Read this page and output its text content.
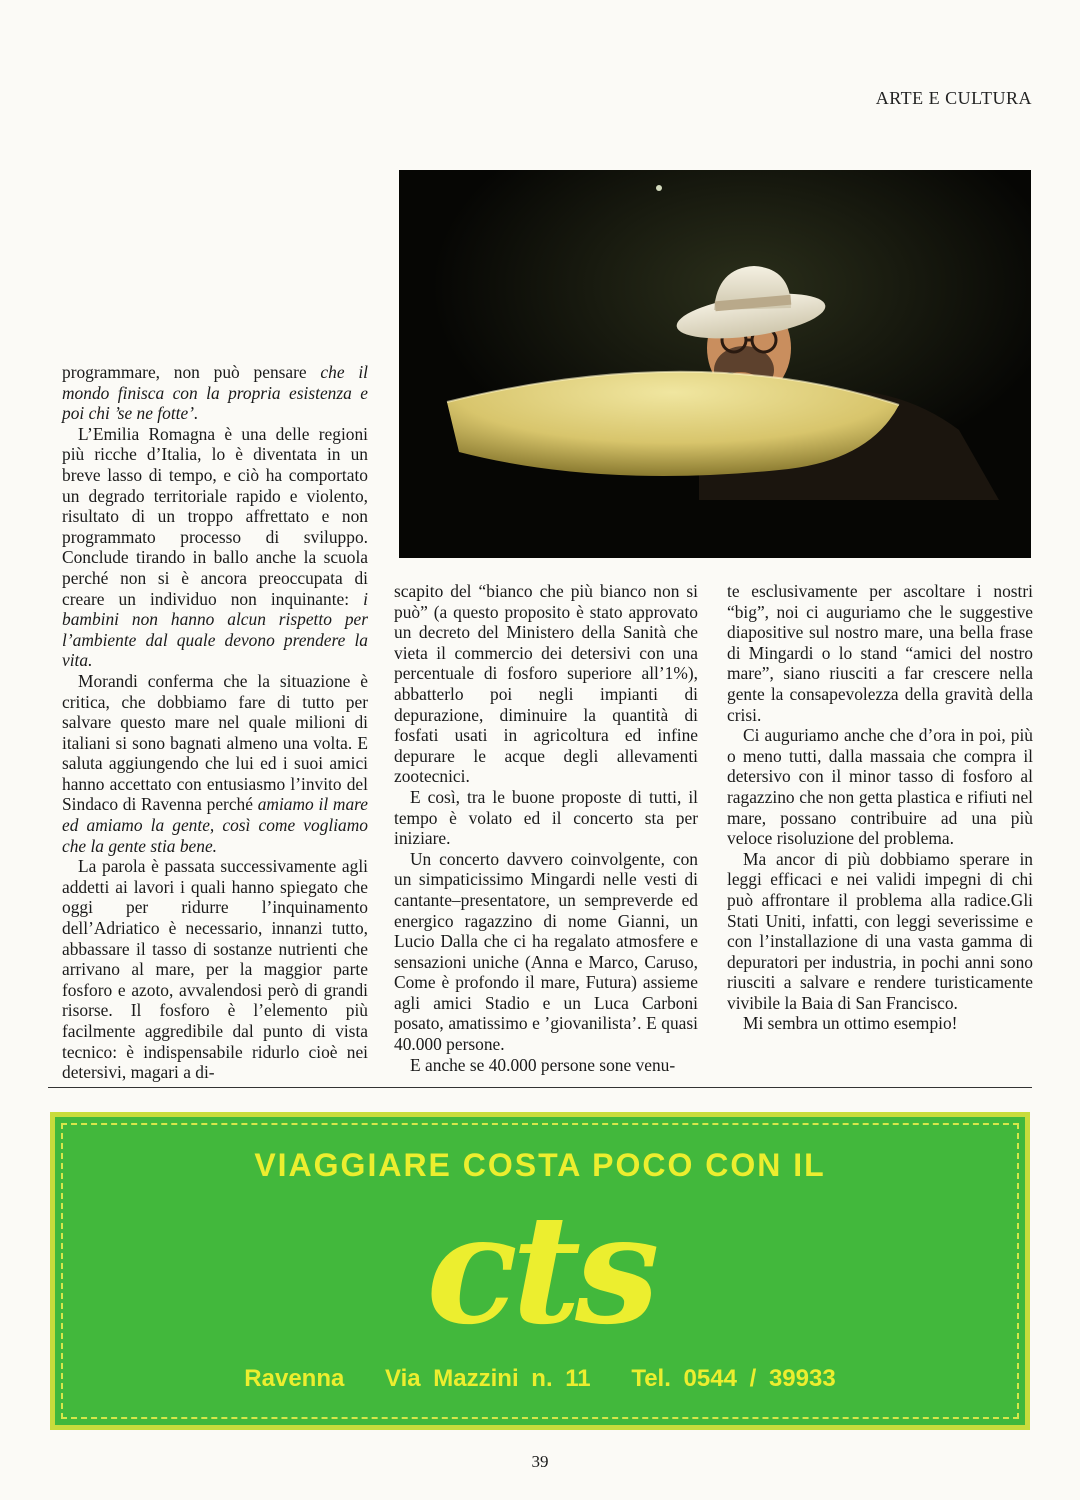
ARTE E CULTURA

programmare, non può pensare che il mondo finisca con la propria esistenza e poi chi ’se ne fotte’.

L’Emilia Romagna è una delle regioni più ricche d’Italia, lo è diventata in un breve lasso di tempo, e ciò ha comportato un degrado territoriale rapido e violento, risultato di un troppo affrettato e non programmato processo di sviluppo. Conclude tirando in ballo anche la scuola perché non si è ancora preoccupata di creare un individuo non inquinante: i bambini non hanno alcun rispetto per l’ambiente dal quale devono prendere la vita.

Morandi conferma che la situazione è critica, che dobbiamo fare di tutto per salvare questo mare nel quale milioni di italiani si sono bagnati almeno una volta. E saluta aggiungendo che lui ed i suoi amici hanno accettato con entusiasmo l’invito del Sindaco di Ravenna perché amiamo il mare ed amiamo la gente, così come vogliamo che la gente stia bene.

La parola è passata successivamente agli addetti ai lavori i quali hanno spiegato che oggi per ridurre l’inquinamento dell’Adriatico è necessario, innanzi tutto, abbassare il tasso di sostanze nutrienti che arrivano al mare, per la maggior parte fosforo e azoto, avvalendosi però di grandi risorse. Il fosforo è l’elemento più facilmente aggredibile dal punto di vista tecnico: è indispensabile ridurlo cioè nei detersivi, magari a di-

scapito del “bianco che più bianco non si può” (a questo proposito è stato approvato un decreto del Ministero della Sanità che vieta il commercio dei detersivi con una percentuale di fosforo superiore all’1%), abbatterlo poi negli impianti di depurazione, diminuire la quantità di fosfati usati in agricoltura ed infine depurare le acque degli allevamenti zootecnici.

E così, tra le buone proposte di tutti, il tempo è volato ed il concerto sta per iniziare.

Un concerto davvero coinvolgente, con un simpaticissimo Mingardi nelle vesti di cantante–presentatore, un sempreverde ed energico ragazzino di nome Gianni, un Lucio Dalla che ci ha regalato atmosfere e sensazioni uniche (Anna e Marco, Caruso, Come è profondo il mare, Futura) assieme agli amici Stadio e un Luca Carboni posato, amatissimo e ’giovanilista’. E quasi 40.000 persone.

E anche se 40.000 persone sone venu-

te esclusivamente per ascoltare i nostri “big”, noi ci auguriamo che le suggestive diapositive sul nostro mare, una bella frase di Mingardi o lo stand “amici del nostro mare”, siano riusciti a far crescere nella gente la consapevolezza della gravità della crisi.

Ci auguriamo anche che d’ora in poi, più o meno tutti, dalla massaia che compra il detersivo con il minor tasso di fosforo al ragazzino che non getta plastica e rifiuti nel mare, possano contribuire ad una più veloce risoluzione del problema.

Ma ancor di più dobbiamo sperare in leggi efficaci e nei validi impegni di chi può affrontare il problema alla radice.Gli Stati Uniti, infatti, con leggi severissime e con l’installazione di una vasta gamma di depuratori per industria, in pochi anni sono riusciti a salvare e rendere turisticamente vivibile la Baia di San Francisco.

Mi sembra un ottimo esempio!

VIAGGIARE COSTA POCO CON IL
cts
Ravenna Via Mazzini n. 11 Tel. 0544 / 39933
39
